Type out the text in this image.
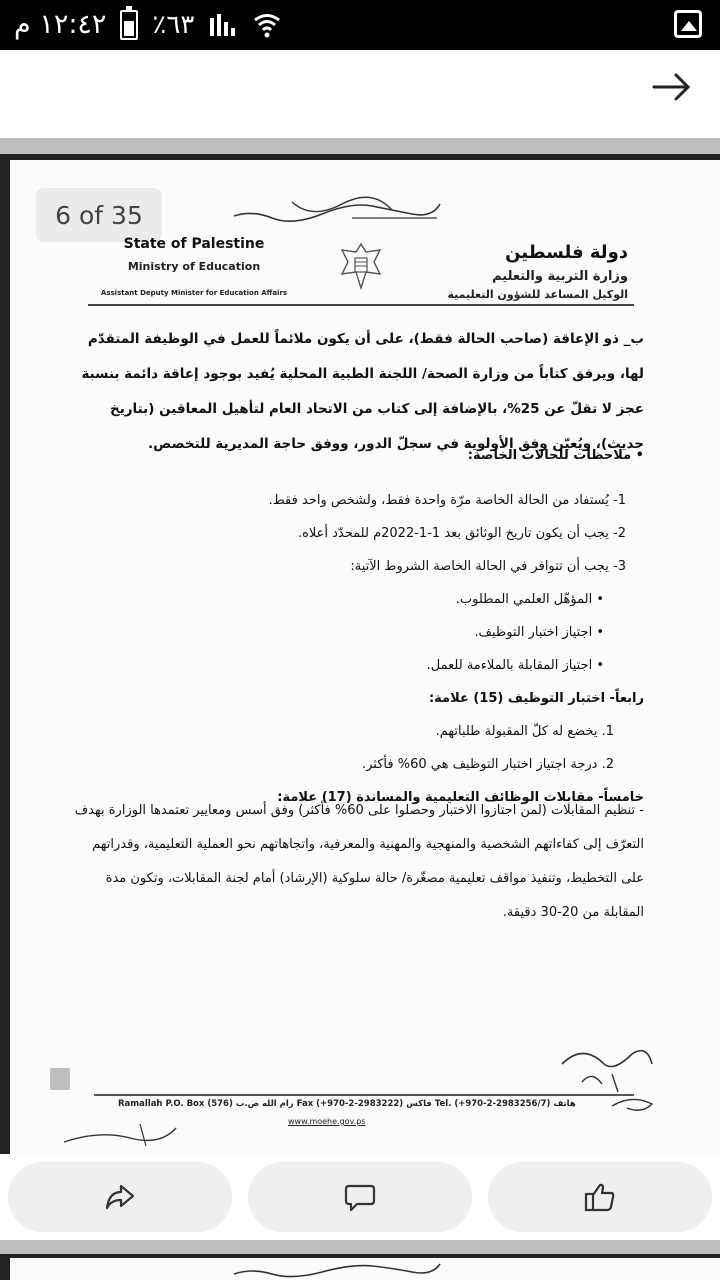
١٢:٤٢ م ٪٦٣
6 of 35
State of Palestine
Ministry of Education
Assistant Deputy Minister for Education Affairs
دولة فلسطين
وزارة التربية والتعليم
الوكيل المساعد للشؤون التعليمية
ب_ ذو الإعاقة (صاحب الحالة فقط)، على أن يكون ملائماً للعمل في الوظيفة المتقدّم لها، ويرفق كتاباً من وزارة الصحة/ اللجنة الطبية المحلية يُفيد بوجود إعاقة دائمة بنسبة عجز لا تقلّ عن 25%، بالإضافة إلى كتاب من الاتحاد العام لتأهيل المعاقين (بتاريخ حديث)، ويُعيّن وفق الأولوية في سجلّ الدور، ووفق حاجة المديرية للتخصص.
• ملاحظات للحالات الخاصة:
1- يُستفاد من الحالة الخاصة مرّة واحدة فقط، ولشخص واحد فقط.
2- يجب أن يكون تاريخ الوثائق بعد 1-1-2022م للمحدّد أعلاه.
3- يجب أن تتوافر في الحالة الخاصة الشروط الآتية:
• المؤهّل العلمي المطلوب.
• اجتياز اختبار التوظيف.
• اجتياز المقابلة بالملاءمة للعمل.
رابعاً- اختبار التوظيف (15) علامة:
1. يخضع له كلّ المقبولة طلباتهم.
2. درجة اجتياز اختبار التوظيف هي 60% فأكثر.
خامساً- مقابلات الوظائف التعليمية والمساندة (17) علامة:
- تنظيم المقابلات (لمن اجتازوا الاختبار وحصلوا على 60% فأكثر) وفق أسس ومعايير تعتمدها الوزارة بهدف التعرّف إلى كفاءاتهم الشخصية والمنهجية والمهنية والمعرفية، واتجاهاتهم نحو العملية التعليمية، وقدراتهم على التخطيط، وتنفيذ مواقف تعليمية مصغّرة/ حالة سلوكية (الإرشاد) أمام لجنة المقابلات، وتكون مدة المقابلة من 20-30 دقيقة.
Ramallah P.O. Box (576) رام الله ص.ب Fax (+970-2-2983222) فاكس Tel. (+970-2-2983256/7) هاتف
www.moehe.gov.ps
